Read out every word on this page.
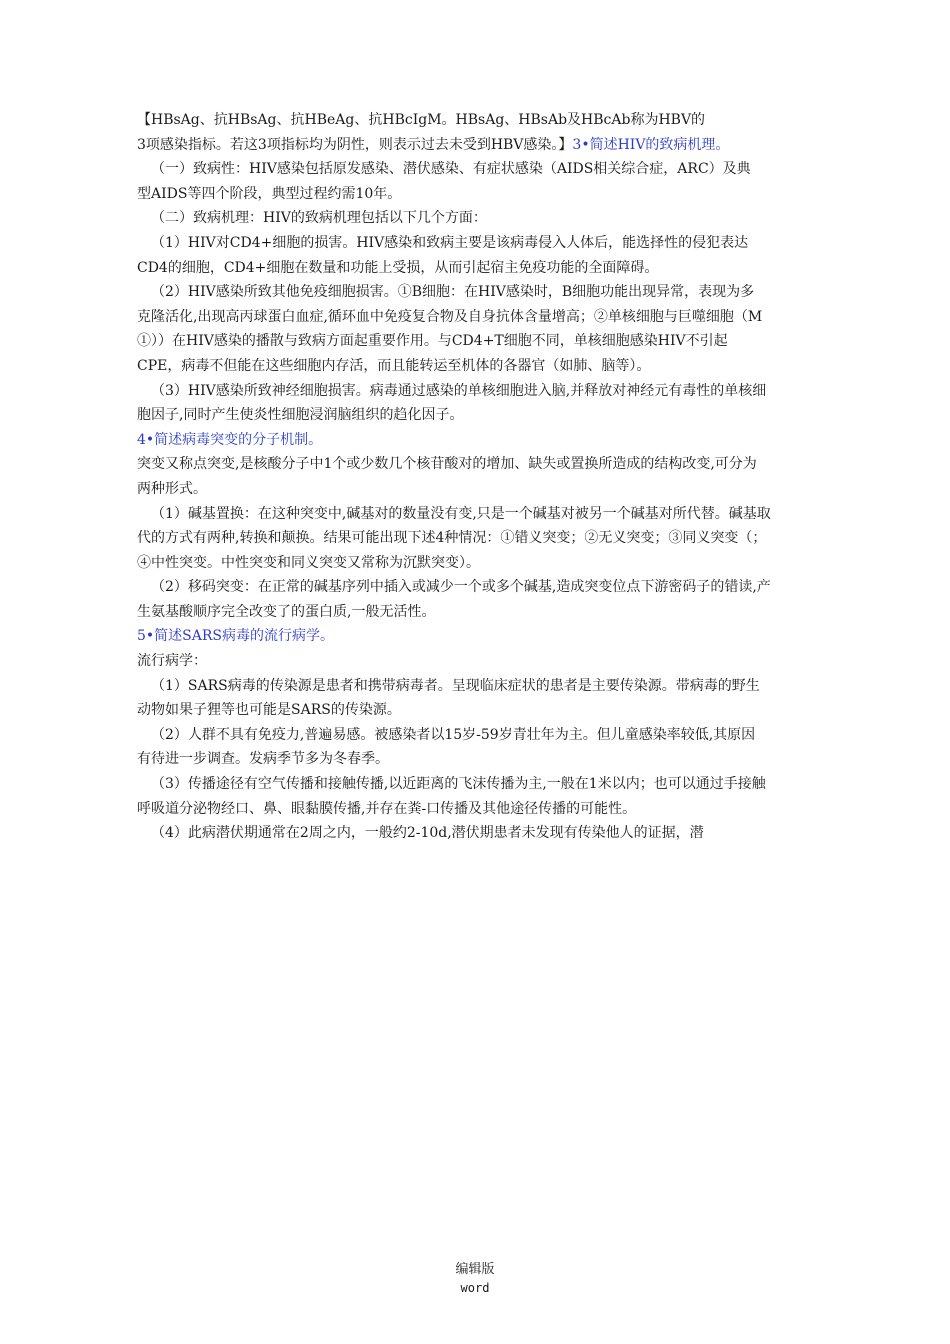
【HBsAg、抗HBsAg、抗HBeAg、抗HBcIgM。HBsAg、HBsAb及HBcAb称为HBV的
3项感染指标。若这3项指标均为阴性，则表示过去未受到HBV感染。】3•简述HIV的致病机理。
（一）致病性：HIV感染包括原发感染、潜伏感染、有症状感染（AIDS相关综合症，ARC）及典
型AIDS等四个阶段，典型过程约需10年。
（二）致病机理：HIV的致病机理包括以下几个方面：
（1）HIV对CD4+细胞的损害。HIV感染和致病主要是该病毒侵入人体后，能选择性的侵犯表达
CD4的细胞，CD4+细胞在数量和功能上受损，从而引起宿主免疫功能的全面障碍。
（2）HIV感染所致其他免疫细胞损害。①B细胞：在HIV感染时，B细胞功能出现异常，表现为多
克隆活化,出现高丙球蛋白血症,循环血中免疫复合物及自身抗体含量增高；②单核细胞与巨噬细胞（M
①））在HIV感染的播散与致病方面起重要作用。与CD4+T细胞不同，单核细胞感染HIV不引起
CPE，病毒不但能在这些细胞内存活，而且能转运至机体的各器官（如肺、脑等）。
（3）HIV感染所致神经细胞损害。病毒通过感染的单核细胞进入脑,并释放对神经元有毒性的单核细
胞因子,同时产生使炎性细胞浸润脑组织的趋化因子。
4•简述病毒突变的分子机制。
突变又称点突变,是核酸分子中1个或少数几个核苷酸对的增加、缺失或置换所造成的结构改变,可分为
两种形式。
（1）碱基置换：在这种突变中,碱基对的数量没有变,只是一个碱基对被另一个碱基对所代替。碱基取
代的方式有两种,转换和颠换。结果可能出现下述4种情况：①错义突变；②无义突变；③同义突变（；
④中性突变。中性突变和同义突变又常称为沉默突变）。
（2）移码突变：在正常的碱基序列中插入或减少一个或多个碱基,造成突变位点下游密码子的错读,产
生氨基酸顺序完全改变了的蛋白质,一般无活性。
5•简述SARS病毒的流行病学。
流行病学：
（1）SARS病毒的传染源是患者和携带病毒者。呈现临床症状的患者是主要传染源。带病毒的野生
动物如果子狸等也可能是SARS的传染源。
（2）人群不具有免疫力,普遍易感。被感染者以15岁-59岁青壮年为主。但儿童感染率较低,其原因
有待进一步调查。发病季节多为冬春季。
（3）传播途径有空气传播和接触传播,以近距离的飞沫传播为主,一般在1米以内；也可以通过手接触
呼吸道分泌物经口、鼻、眼黏膜传播,并存在粪-口传播及其他途径传播的可能性。
（4）此病潜伏期通常在2周之内，一般约2-10d,潜伏期患者未发现有传染他人的证据，潜
编辑版
word
